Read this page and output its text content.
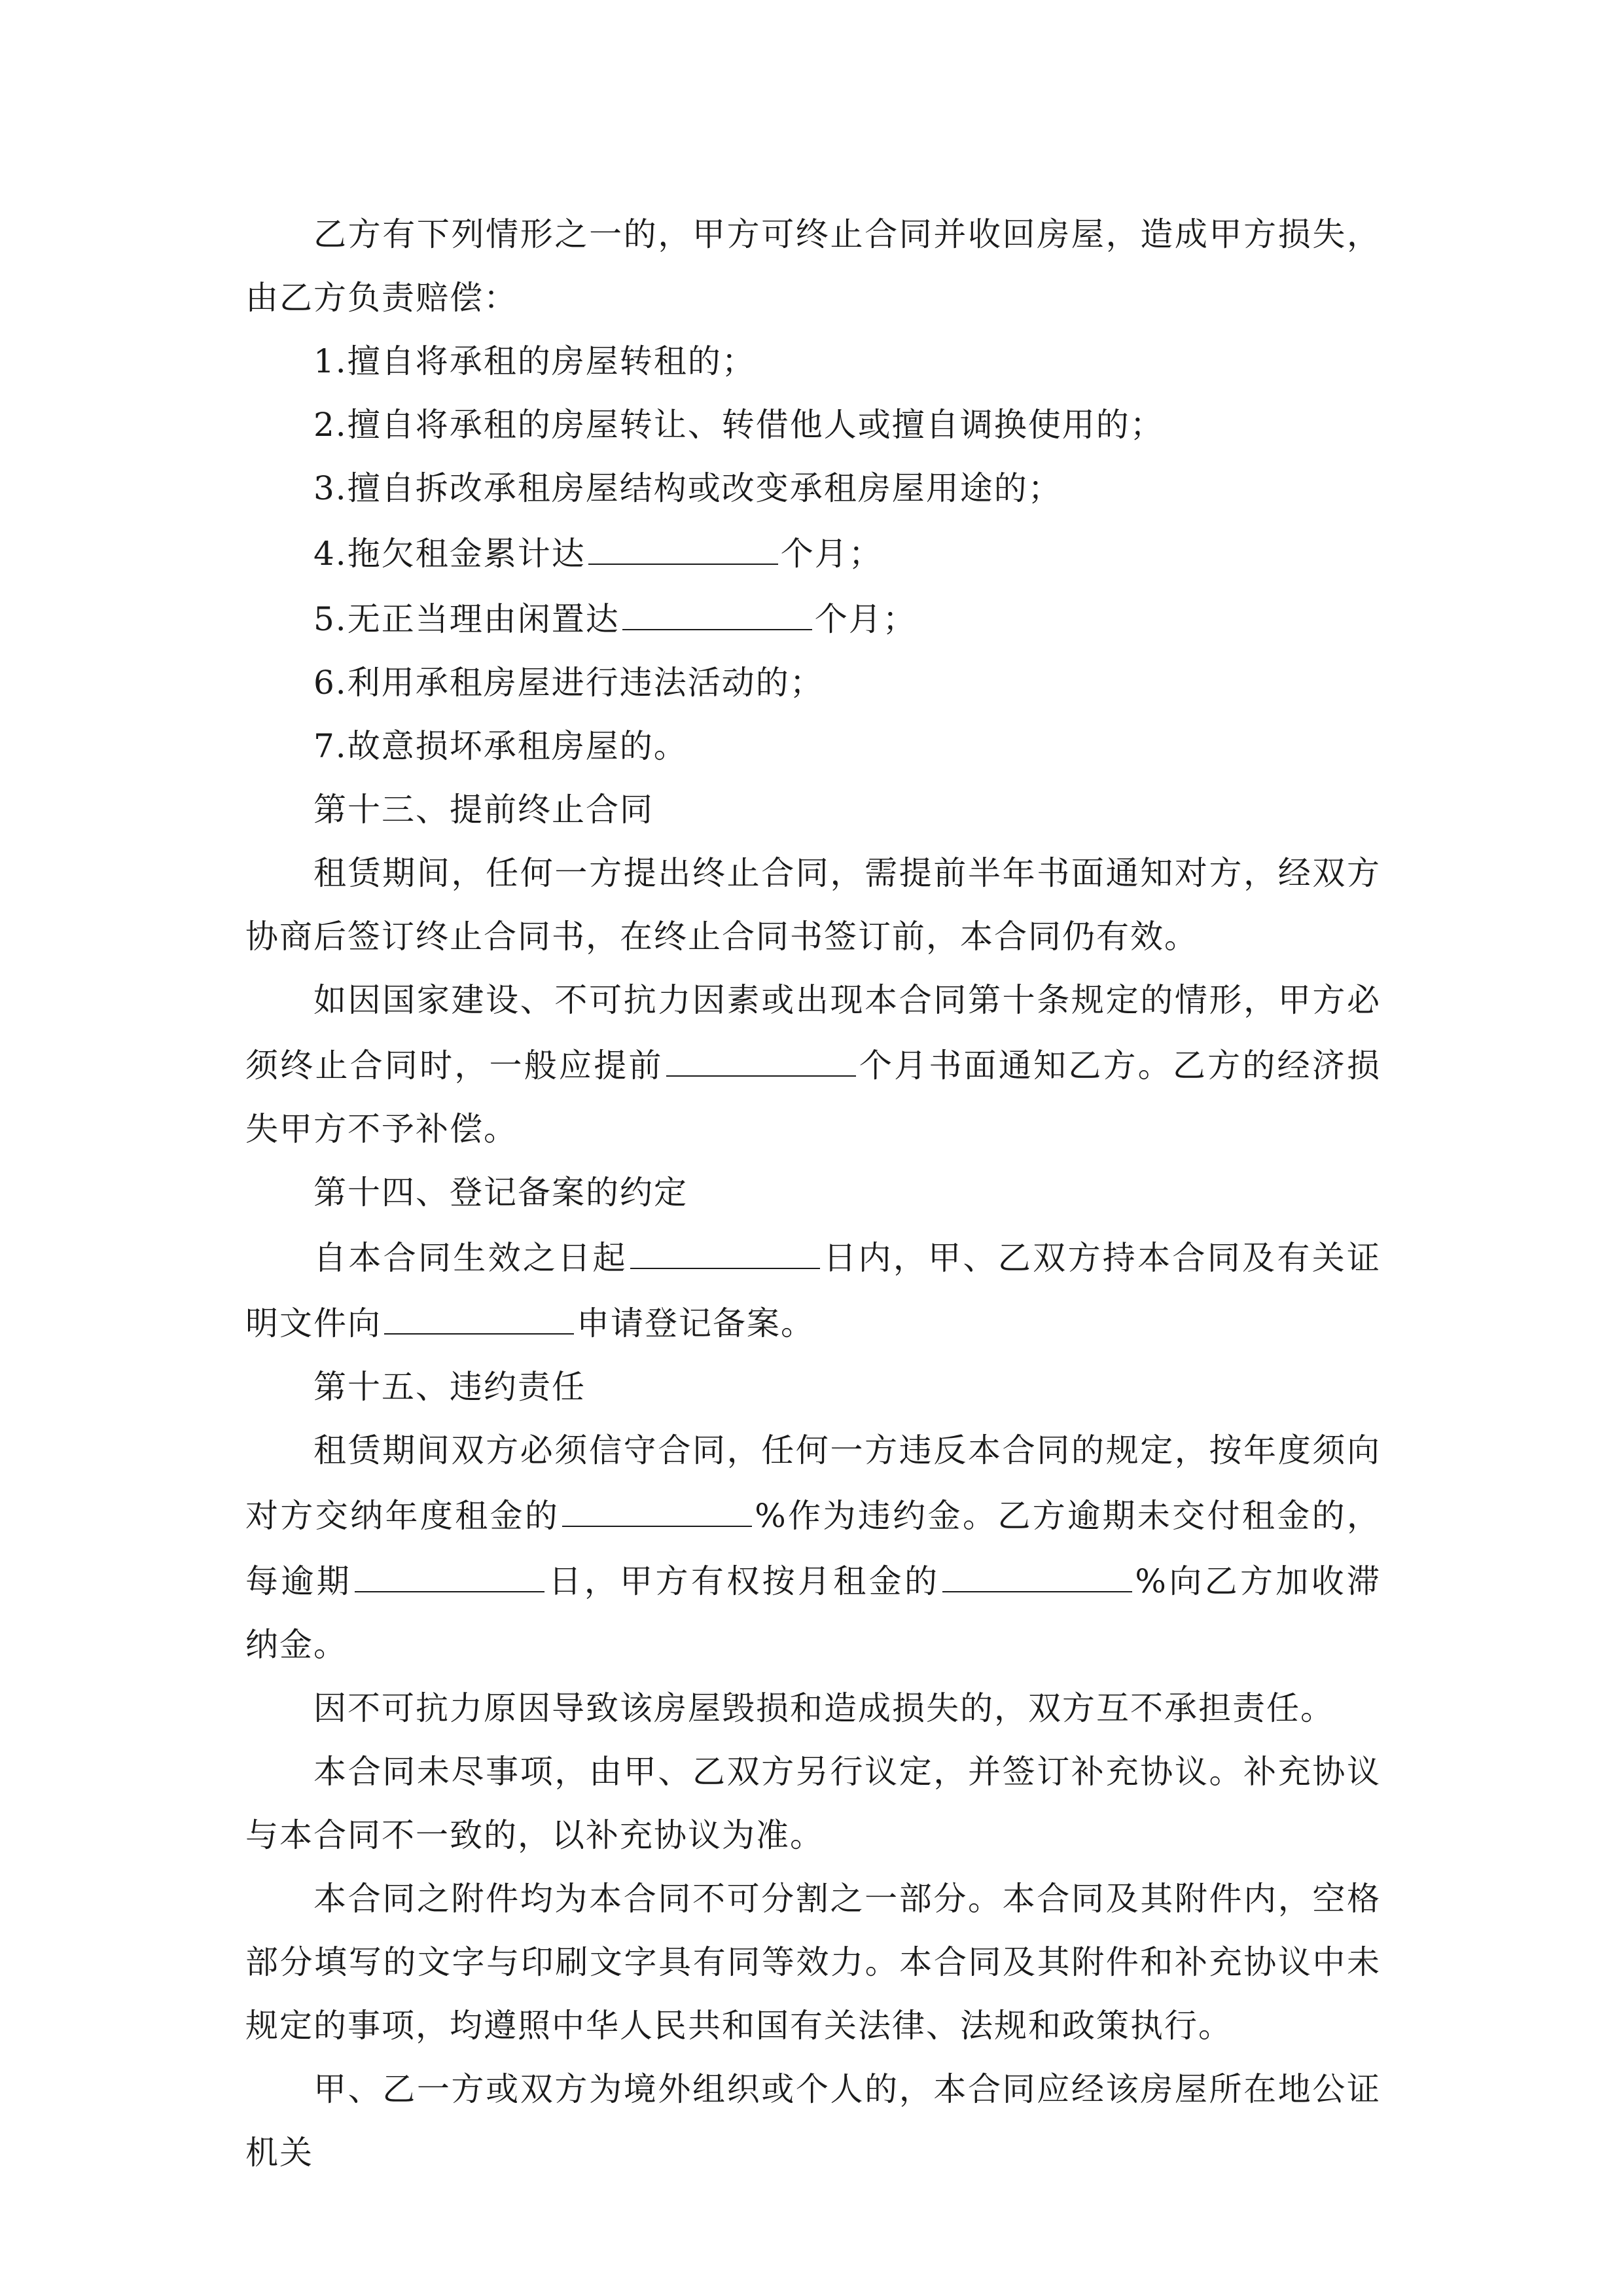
乙方有下列情形之一的，甲方可终止合同并收回房屋，造成甲方损失，由乙方负责赔偿：

1.擅自将承租的房屋转租的；

2.擅自将承租的房屋转让、转借他人或擅自调换使用的；

3.擅自拆改承租房屋结构或改变承租房屋用途的；

4.拖欠租金累计达	个月；

5.无正当理由闲置达	个月；

6.利用承租房屋进行违法活动的；

7.故意损坏承租房屋的。

第十三、提前终止合同

租赁期间，任何一方提出终止合同，需提前半年书面通知对方，经双方协商后签订终止合同书，在终止合同书签订前，本合同仍有效。

如因国家建设、不可抗力因素或出现本合同第十条规定的情形，甲方必须终止合同时，一般应提前	个月书面通知乙方。乙方的经济损失甲方不予补偿。

第十四、登记备案的约定

自本合同生效之日起	日内，甲、乙双方持本合同及有关证明文件向	申请登记备案。

第十五、违约责任

租赁期间双方必须信守合同，任何一方违反本合同的规定，按年度须向对方交纳年度租金的	%作为违约金。乙方逾期未交付租金的，每逾期	日，甲方有权按月租金的	%向乙方加收滞纳金。

因不可抗力原因导致该房屋毁损和造成损失的，双方互不承担责任。

本合同未尽事项，由甲、乙双方另行议定，并签订补充协议。补充协议与本合同不一致的，以补充协议为准。

本合同之附件均为本合同不可分割之一部分。本合同及其附件内，空格部分填写的文字与印刷文字具有同等效力。本合同及其附件和补充协议中未规定的事项，均遵照中华人民共和国有关法律、法规和政策执行。

甲、乙一方或双方为境外组织或个人的，本合同应经该房屋所在地公证机关
